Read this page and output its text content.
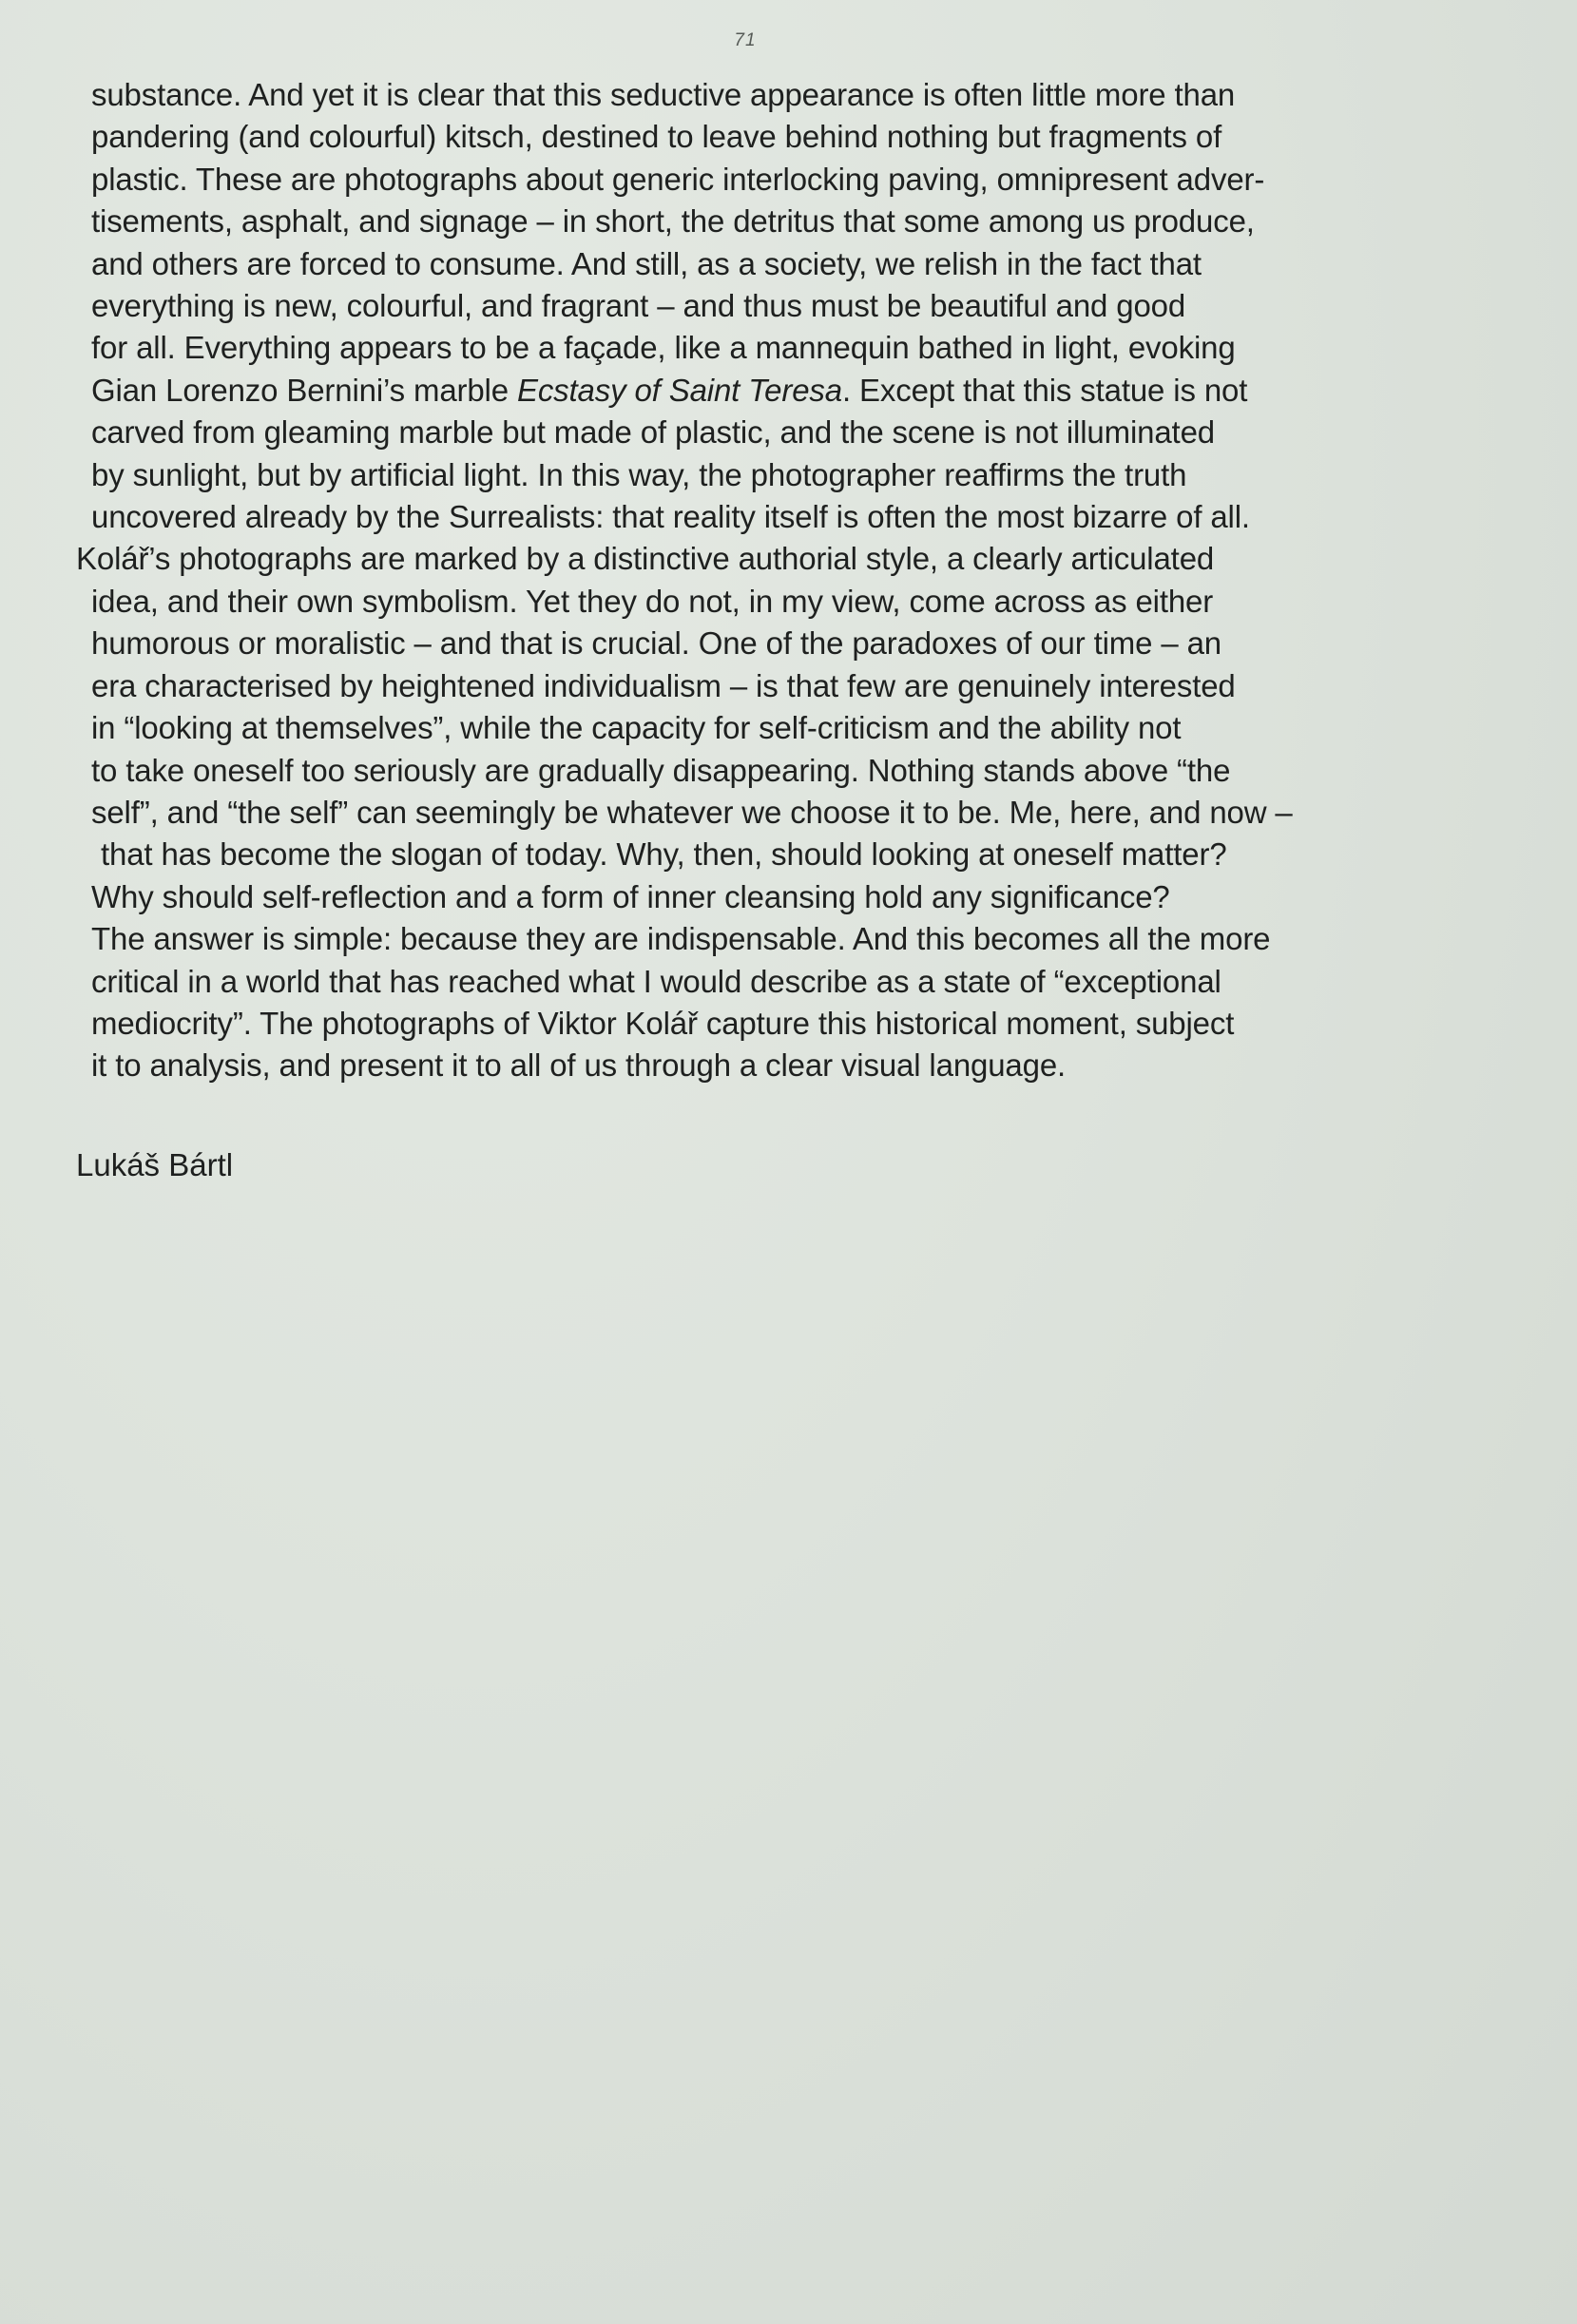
71
substance. And yet it is clear that this seductive appearance is often little more than
pandering (and colourful) kitsch, destined to leave behind nothing but fragments of
plastic. These are photographs about generic interlocking paving, omnipresent adver-
tisements, asphalt, and signage – in short, the detritus that some among us produce,
and others are forced to consume. And still, as a society, we relish in the fact that
everything is new, colourful, and fragrant – and thus must be beautiful and good
for all. Everything appears to be a façade, like a mannequin bathed in light, evoking
Gian Lorenzo Bernini’s marble Ecstasy of Saint Teresa. Except that this statue is not
carved from gleaming marble but made of plastic, and the scene is not illuminated
by sunlight, but by artificial light. In this way, the photographer reaffirms the truth
uncovered already by the Surrealists: that reality itself is often the most bizarre of all.
Kolář’s photographs are marked by a distinctive authorial style, a clearly articulated
idea, and their own symbolism. Yet they do not, in my view, come across as either
humorous or moralistic – and that is crucial. One of the paradoxes of our time – an
era characterised by heightened individualism – is that few are genuinely interested
in “looking at themselves”, while the capacity for self-criticism and the ability not
to take oneself too seriously are gradually disappearing. Nothing stands above “the
self”, and “the self” can seemingly be whatever we choose it to be. Me, here, and now –
that has become the slogan of today. Why, then, should looking at oneself matter?
Why should self-reflection and a form of inner cleansing hold any significance?
The answer is simple: because they are indispensable. And this becomes all the more
critical in a world that has reached what I would describe as a state of “exceptional
mediocrity”. The photographs of Viktor Kolář capture this historical moment, subject
it to analysis, and present it to all of us through a clear visual language.
Lukáš Bártl
